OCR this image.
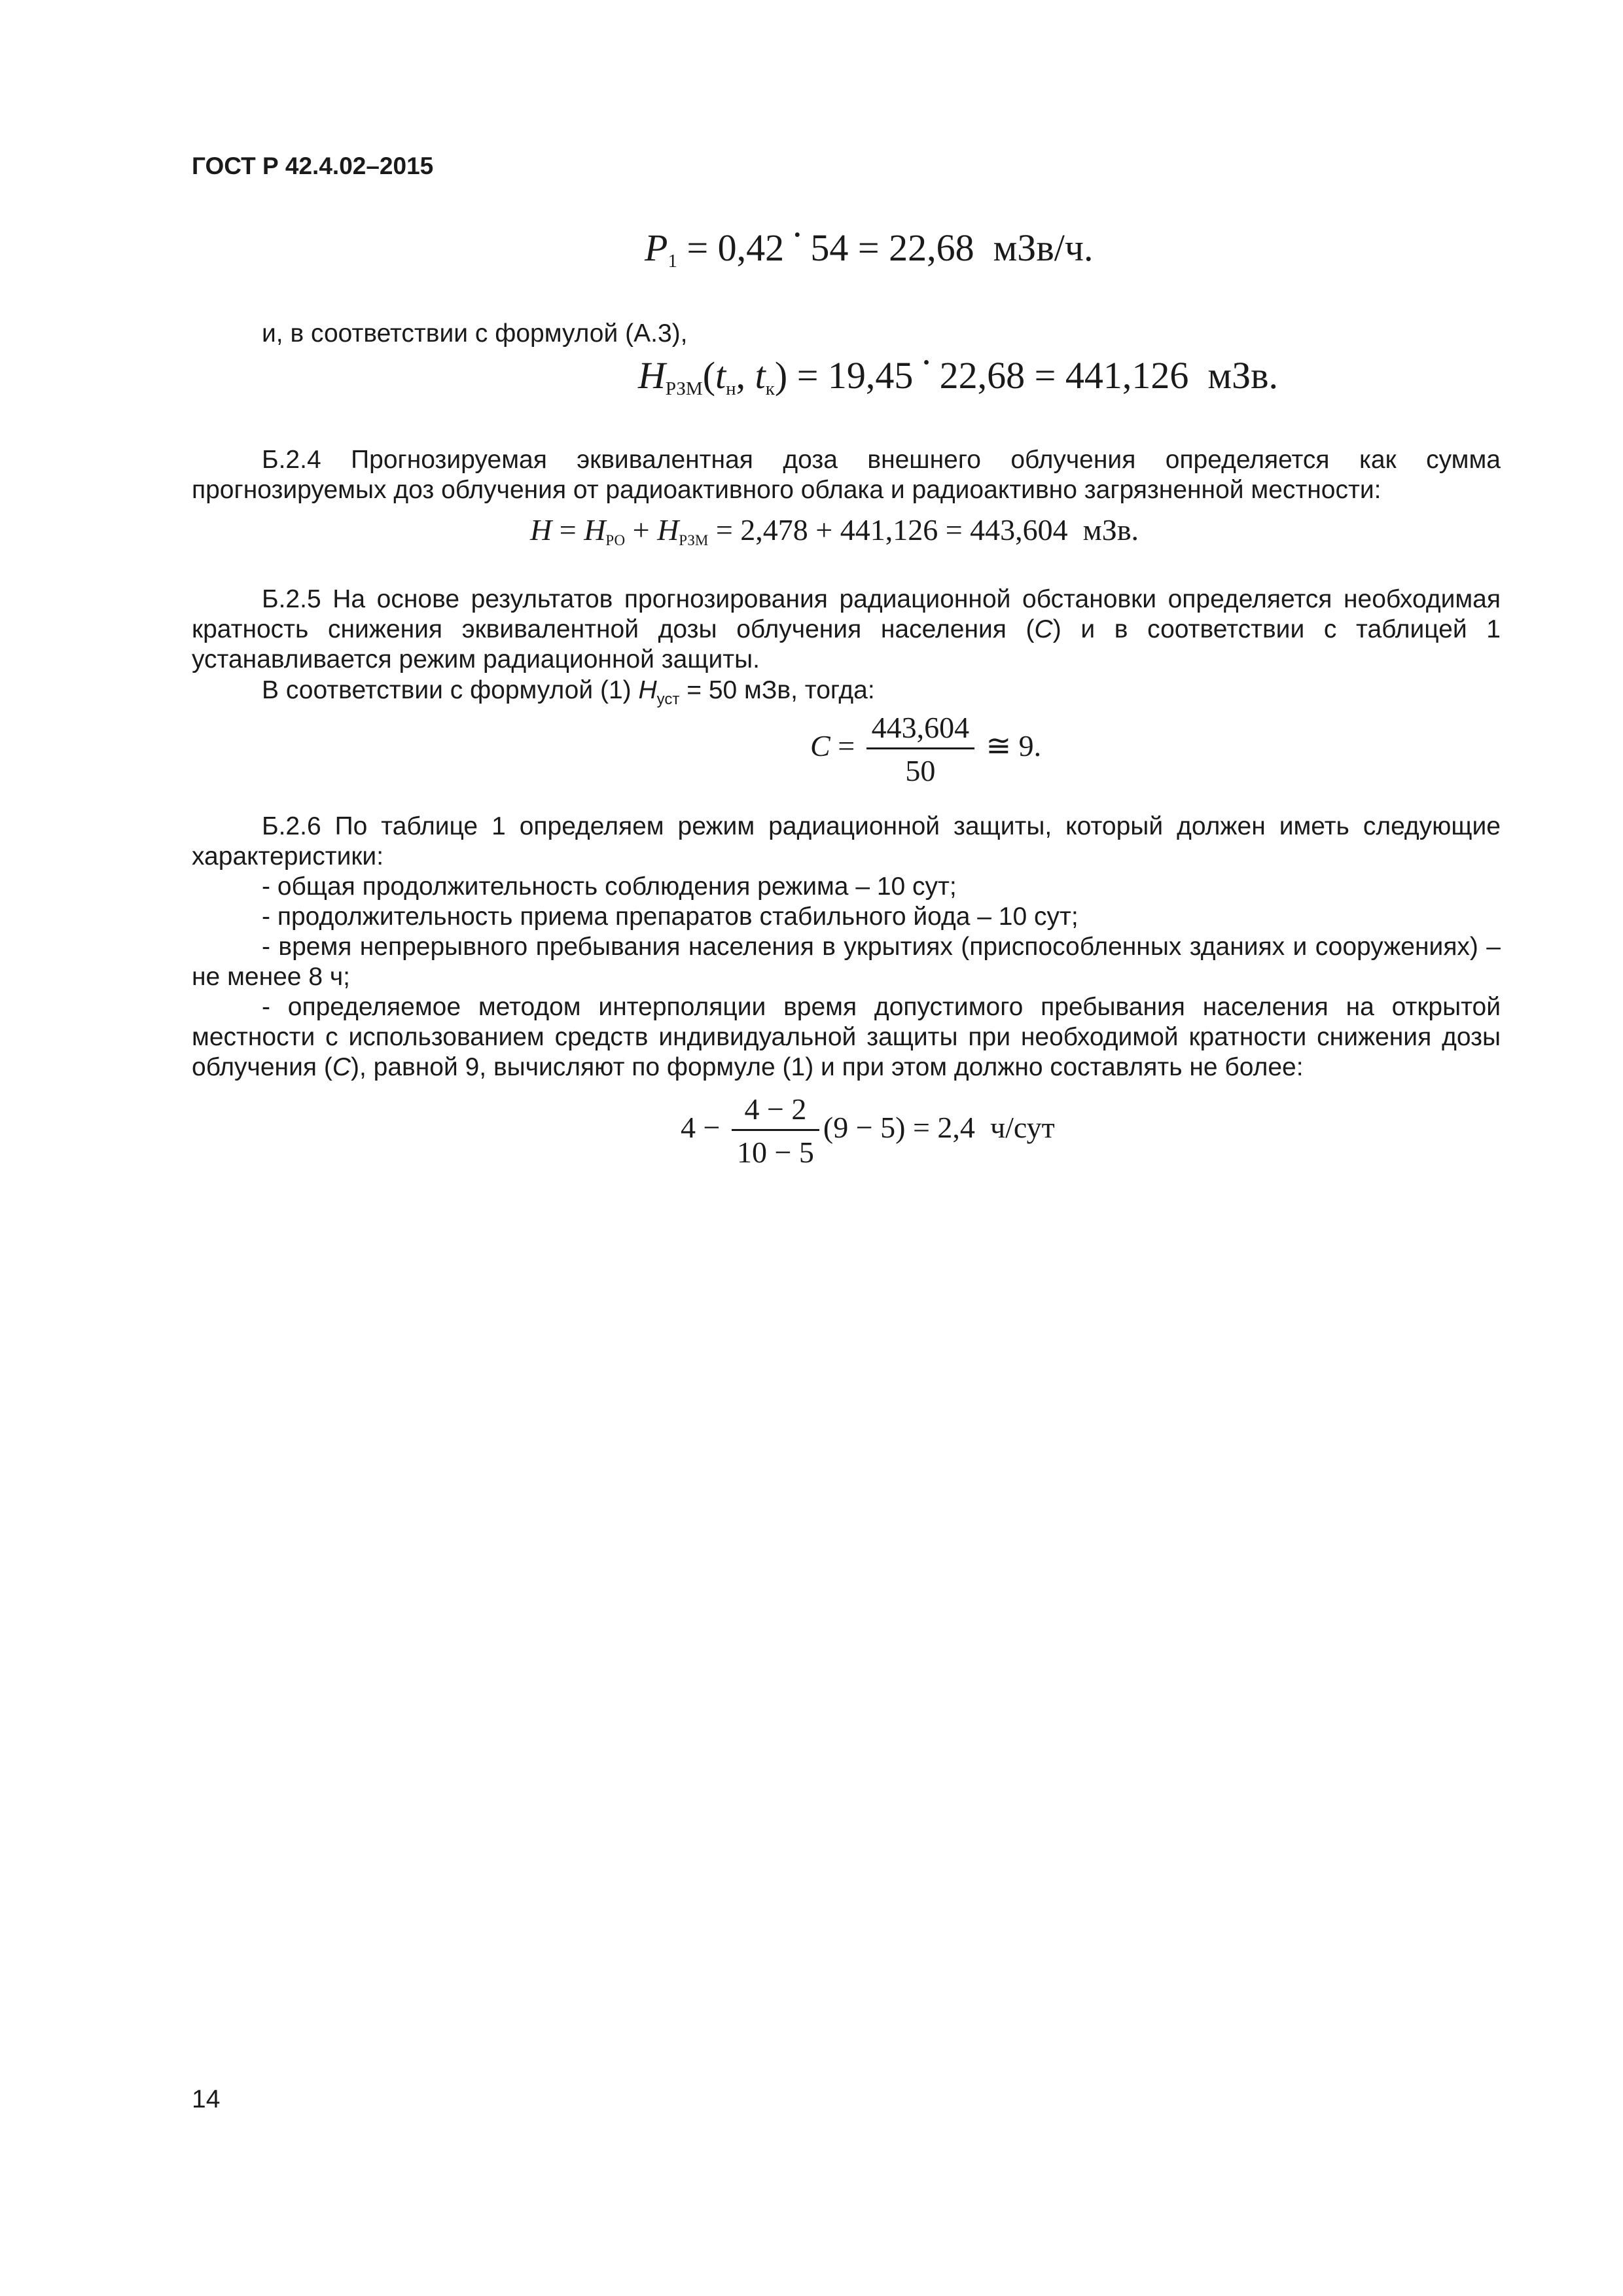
ГОСТ Р 42.4.02–2015
$P_1 = 0,42 \cdot 54 = 22,68$ мЗв/ч.
и, в соответствии с формулой (А.3),
$H_{РЗМ}(t_н$, $t_к) = 19,45 \cdot 22,68 = 441,126$ мЗв.
Б.2.4 Прогнозируемая эквивалентная доза внешнего облучения определяется как сумма прогнозируемых доз облучения от радиоактивного облака и радиоактивно загрязненной местности:
$H = H_{РО} + H_{РЗМ} = 2,478 + 441,126 = 443,604$ мЗв.
Б.2.5 На основе результатов прогнозирования радиационной обстановки определяется необходимая кратность снижения эквивалентной дозы облучения населения (С) и в соответствии с таблицей 1 устанавливается режим радиационной защиты.
В соответствии с формулой (1) $H_{уст} = 50$ мЗв, тогда:
$C = \frac{443,604}{50}$ ≅ 9.
Б.2.6 По таблице 1 определяем режим радиационной защиты, который должен иметь следующие характеристики:
- общая продолжительность соблюдения режима – 10 сут;
- продолжительность приема препаратов стабильного йода – 10 сут;
- время непрерывного пребывания населения в укрытиях (приспособленных зданиях и сооружениях) – не менее 8 ч;
- определяемое методом интерполяции время допустимого пребывания населения на открытой местности с использованием средств индивидуальной защиты при необходимой кратности снижения дозы облучения (С), равной 9, вычисляют по формуле (1) и при этом должно составлять не более:
$4 - \frac{4 - 2}{10 - 5} (9 - 5) = 2,4$ ч/сут
14
